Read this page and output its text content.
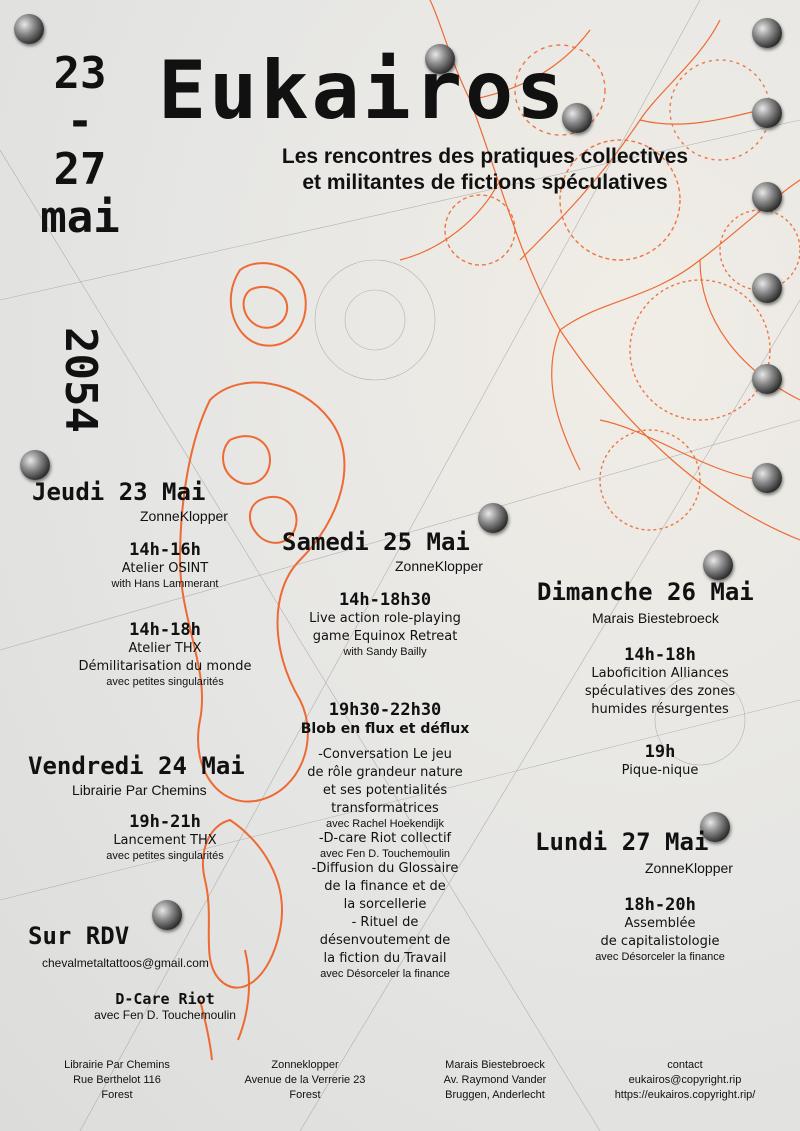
Eukairos
Les rencontres des pratiques collectives
et militantes de fictions spéculatives
23
-
27
mai
2054
Jeudi 23 Mai
ZonneKlopper
14h-16h
Atelier OSINT
with Hans Lammerant
14h-18h
Atelier THX
Démilitarisation du monde
avec petites singularités
Vendredi 24 Mai
Librairie Par Chemins
19h-21h
Lancement THX
avec petites singularités
Sur RDV
chevalmetaltattoos@gmail.com
D-Care Riot
avec Fen D. Touchemoulin
Samedi 25 Mai
ZonneKlopper
14h-18h30
Live action role-playing
game Equinox Retreat
with Sandy Bailly
19h30-22h30
Blob en flux et déflux
-Conversation Le jeu
de rôle grandeur nature
et ses potentialités
transformatrices
avec Rachel Hoekendijk
-D-care Riot collectif
avec Fen D. Touchemoulin
-Diffusion du Glossaire
de la finance et de
la sorcellerie
- Rituel de
désenvoutement de
la fiction du Travail
avec Désorceler la finance
Dimanche 26 Mai
Marais Biestebroeck
14h-18h
Laboficition Alliances
spéculatives des zones
humides résurgentes
19h
Pique-nique
Lundi 27 Mai
ZonneKlopper
18h-20h
Assemblée
de capitalistologie
avec Désorceler la finance
Librairie Par Chemins
Rue Berthelot 116
Forest
Zonneklopper
Avenue de la Verrerie 23
Forest
Marais Biestebroeck
Av. Raymond Vander
Bruggen, Anderlecht
contact
eukairos@copyright.rip
https://eukairos.copyright.rip/
